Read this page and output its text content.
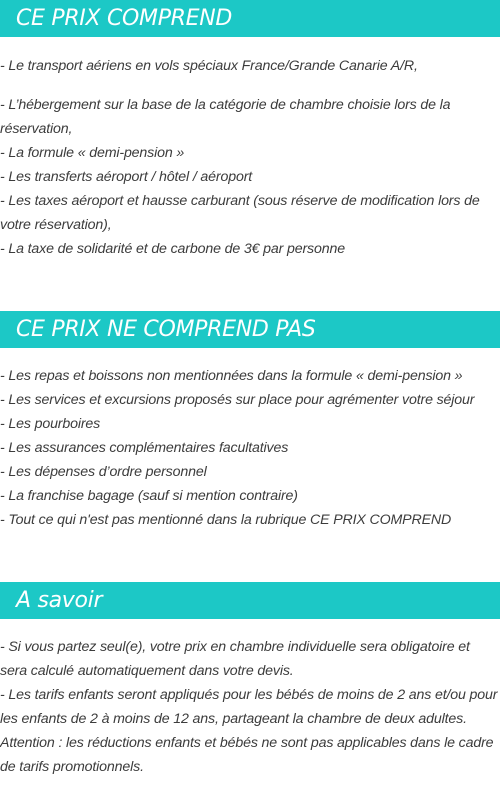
CE PRIX COMPREND
- Le transport aériens en vols spéciaux France/Grande Canarie A/R,
- L’hébergement sur la base de la catégorie de chambre choisie lors de la
réservation,
- La formule « demi-pension »
- Les transferts aéroport / hôtel / aéroport
- Les taxes aéroport et hausse carburant (sous réserve de modification lors de
votre réservation),
- La taxe de solidarité et de carbone de 3€ par personne
CE PRIX NE COMPREND PAS
- Les repas et boissons non mentionnées dans la formule « demi-pension »
- Les services et excursions proposés sur place pour agrémenter votre séjour
- Les pourboires
- Les assurances complémentaires facultatives
- Les dépenses d’ordre personnel
- La franchise bagage (sauf si mention contraire)
- Tout ce qui n'est pas mentionné dans la rubrique CE PRIX COMPREND
A savoir
- Si vous partez seul(e), votre prix en chambre individuelle sera obligatoire et
sera calculé automatiquement dans votre devis.
- Les tarifs enfants seront appliqués pour les bébés de moins de 2 ans et/ou pour
les enfants de 2 à moins de 12 ans, partageant la chambre de deux adultes.
Attention : les réductions enfants et bébés ne sont pas applicables dans le cadre
de tarifs promotionnels.
